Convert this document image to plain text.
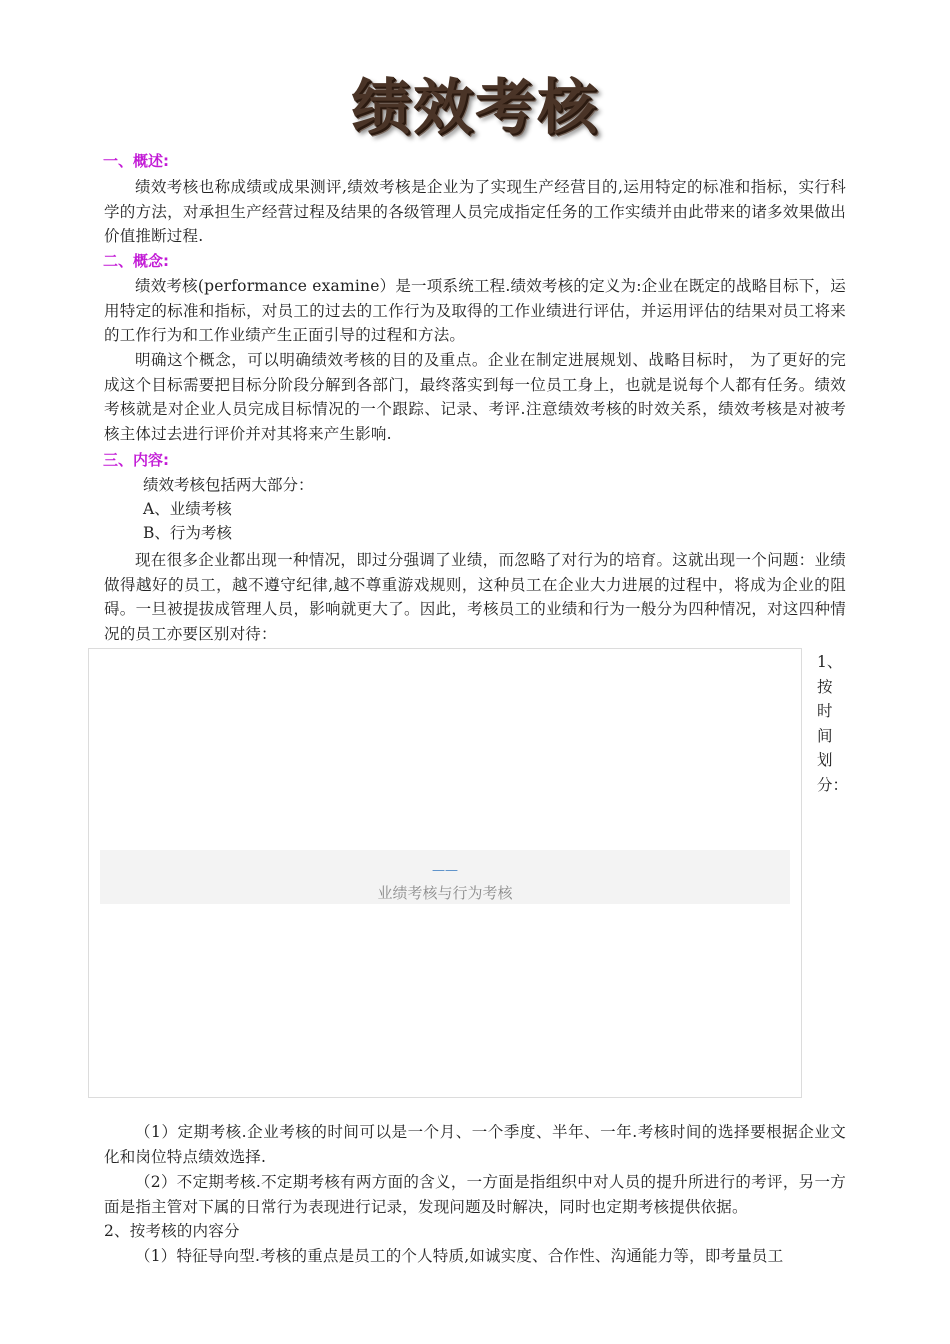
绩效考核
一、概述:

绩效考核也称成绩或成果测评,绩效考核是企业为了实现生产经营目的,运用特定的标准和指标，实行科学的方法，对承担生产经营过程及结果的各级管理人员完成指定任务的工作实绩并由此带来的诸多效果做出价值推断过程.

二、概念:

绩效考核(performance examine）是一项系统工程.绩效考核的定义为:企业在既定的战略目标下，运用特定的标准和指标，对员工的过去的工作行为及取得的工作业绩进行评估，并运用评估的结果对员工将来的工作行为和工作业绩产生正面引导的过程和方法。

明确这个概念，可以明确绩效考核的目的及重点。企业在制定进展规划、战略目标时， 为了更好的完成这个目标需要把目标分阶段分解到各部门，最终落实到每一位员工身上，也就是说每个人都有任务。绩效考核就是对企业人员完成目标情况的一个跟踪、记录、考评.注意绩效考核的时效关系，绩效考核是对被考核主体过去进行评价并对其将来产生影响.

三、内容:

绩效考核包括两大部分：

A、业绩考核

B、行为考核

现在很多企业都出现一种情况，即过分强调了业绩，而忽略了对行为的培育。这就出现一个问题：业绩做得越好的员工，越不遵守纪律,越不尊重游戏规则，这种员工在企业大力进展的过程中，将成为企业的阻碍。一旦被提拔成管理人员，影响就更大了。因此，考核员工的业绩和行为一般分为四种情况，对这四种情况的员工亦要区别对待：

——
业绩考核与行为考核
1、按时间划分：

（1）定期考核.企业考核的时间可以是一个月、一个季度、半年、一年.考核时间的选择要根据企业文化和岗位特点绩效选择.

（2）不定期考核.不定期考核有两方面的含义，一方面是指组织中对人员的提升所进行的考评，另一方面是指主管对下属的日常行为表现进行记录，发现问题及时解决，同时也定期考核提供依据。

2、按考核的内容分

（1）特征导向型.考核的重点是员工的个人特质,如诚实度、合作性、沟通能力等，即考量员工
